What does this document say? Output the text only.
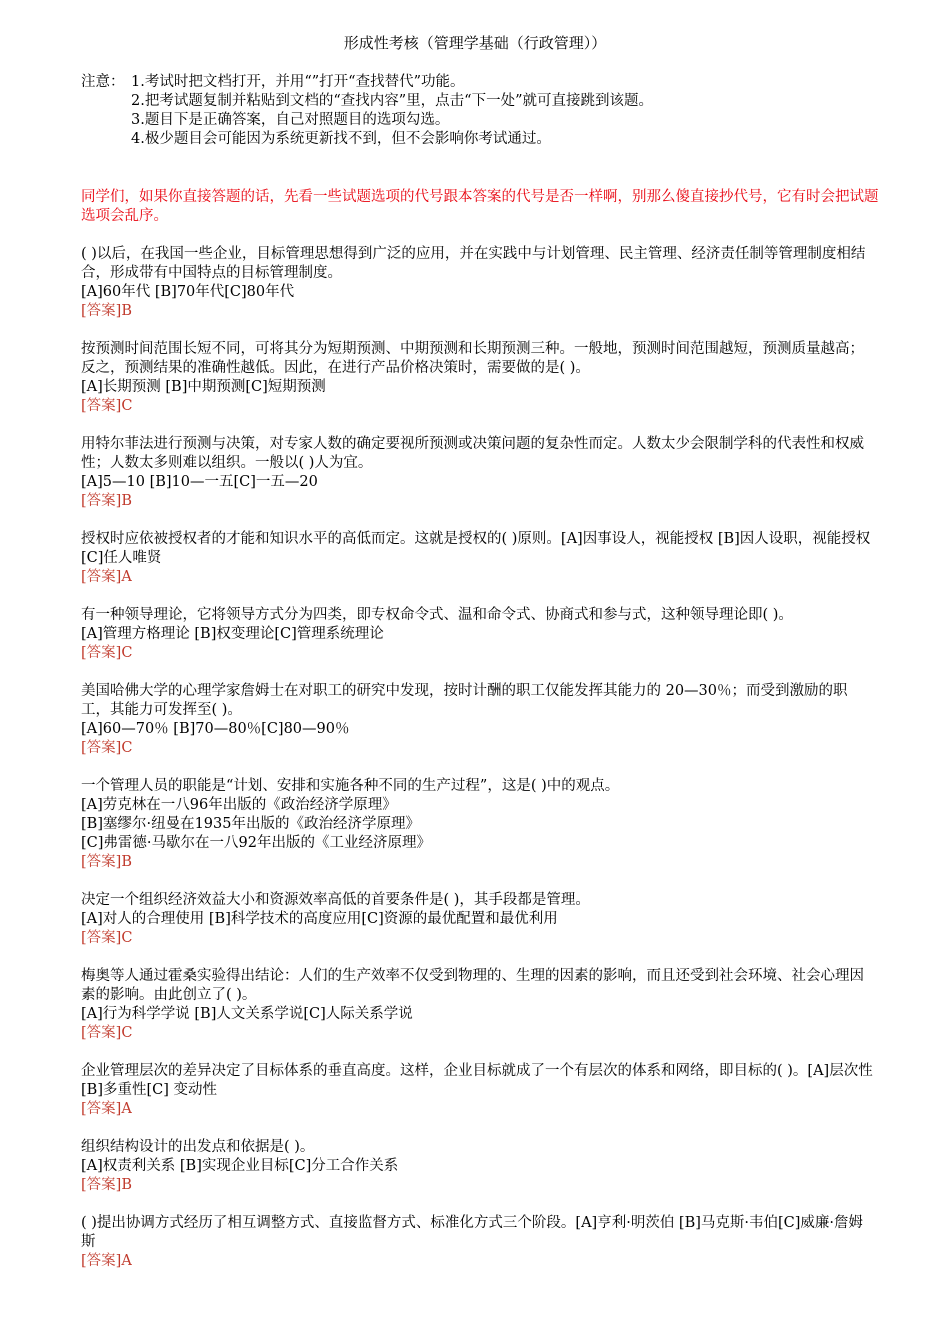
形成性考核（管理学基础（行政管理））
注意： 1.考试时把文档打开，并用“”打开“查找替代”功能。
2.把考试题复制并粘贴到文档的“查找内容”里，点击“下一处”就可直接跳到该题。
3.题目下是正确答案，自己对照题目的选项勾选。
4.极少题目会可能因为系统更新找不到，但不会影响你考试通过。
同学们，如果你直接答题的话，先看一些试题选项的代号跟本答案的代号是否一样啊，别那么傻直接抄代号，它有时会把试题选项会乱序。

( )以后，在我国一些企业，目标管理思想得到广泛的应用，并在实践中与计划管理、民主管理、经济责任制等管理制度相结合，形成带有中国特点的目标管理制度。

[A]60年代 [B]70年代[C]80年代

[答案]B

按预测时间范围长短不同，可将其分为短期预测、中期预测和长期预测三种。一般地，预测时间范围越短，预测质量越高；反之，预测结果的准确性越低。因此，在进行产品价格决策时，需要做的是( )。

[A]长期预测 [B]中期预测[C]短期预测

[答案]C

用特尔菲法进行预测与决策，对专家人数的确定要视所预测或决策问题的复杂性而定。人数太少会限制学科的代表性和权威性；人数太多则难以组织。一般以( )人为宜。

[A]5—10 [B]10—一五[C]一五—20

[答案]B

授权时应依被授权者的才能和知识水平的高低而定。这就是授权的( )原则。[A]因事设人，视能授权 [B]因人设职，视能授权[C]任人唯贤

[答案]A

有一种领导理论，它将领导方式分为四类，即专权命令式、温和命令式、协商式和参与式，这种领导理论即( )。

[A]管理方格理论 [B]权变理论[C]管理系统理论

[答案]C

美国哈佛大学的心理学家詹姆士在对职工的研究中发现，按时计酬的职工仅能发挥其能力的 20—30％；而受到激励的职工，其能力可发挥至( )。

[A]60—70％ [B]70—80％[C]80—90％

[答案]C

一个管理人员的职能是“计划、安排和实施各种不同的生产过程”，这是( )中的观点。

[A]劳克林在一八96年出版的《政治经济学原理》

[B]塞缪尔·纽曼在1935年出版的《政治经济学原理》

[C]弗雷德·马歇尔在一八92年出版的《工业经济原理》

[答案]B

决定一个组织经济效益大小和资源效率高低的首要条件是( )，其手段都是管理。

[A]对人的合理使用 [B]科学技术的高度应用[C]资源的最优配置和最优利用

[答案]C

梅奥等人通过霍桑实验得出结论：人们的生产效率不仅受到物理的、生理的因素的影响，而且还受到社会环境、社会心理因素的影响。由此创立了( )。

[A]行为科学学说 [B]人文关系学说[C]人际关系学说

[答案]C

企业管理层次的差异决定了目标体系的垂直高度。这样，企业目标就成了一个有层次的体系和网络，即目标的( )。[A]层次性 [B]多重性[C] 变动性

[答案]A

组织结构设计的出发点和依据是( )。

[A]权责利关系 [B]实现企业目标[C]分工合作关系

[答案]B

( )提出协调方式经历了相互调整方式、直接监督方式、标准化方式三个阶段。[A]亨利·明茨伯 [B]马克斯·韦伯[C]威廉·詹姆斯

[答案]A
